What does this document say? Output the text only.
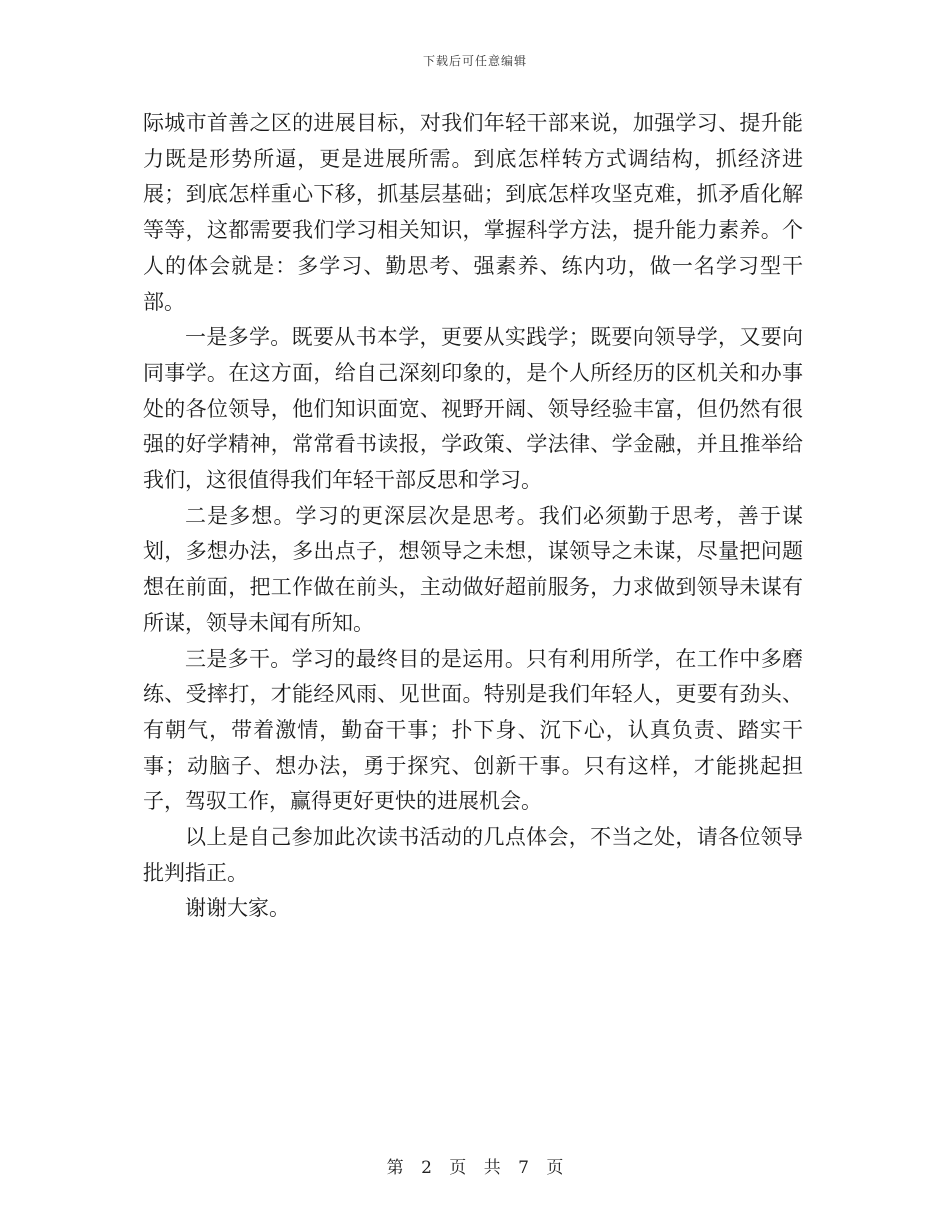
下载后可任意编辑

际城市首善之区的进展目标，对我们年轻干部来说，加强学习、提升能力既是形势所逼，更是进展所需。到底怎样转方式调结构，抓经济进展；到底怎样重心下移，抓基层基础；到底怎样攻坚克难，抓矛盾化解等等，这都需要我们学习相关知识，掌握科学方法，提升能力素养。个人的体会就是：多学习、勤思考、强素养、练内功，做一名学习型干部。

一是多学。既要从书本学，更要从实践学；既要向领导学，又要向同事学。在这方面，给自己深刻印象的，是个人所经历的区机关和办事处的各位领导，他们知识面宽、视野开阔、领导经验丰富，但仍然有很强的好学精神，常常看书读报，学政策、学法律、学金融，并且推举给我们，这很值得我们年轻干部反思和学习。

二是多想。学习的更深层次是思考。我们必须勤于思考，善于谋划，多想办法，多出点子，想领导之未想，谋领导之未谋，尽量把问题想在前面，把工作做在前头，主动做好超前服务，力求做到领导未谋有所谋，领导未闻有所知。

三是多干。学习的最终目的是运用。只有利用所学，在工作中多磨练、受摔打，才能经风雨、见世面。特别是我们年轻人，更要有劲头、有朝气，带着激情，勤奋干事；扑下身、沉下心，认真负责、踏实干事；动脑子、想办法，勇于探究、创新干事。只有这样，才能挑起担子，驾驭工作，赢得更好更快的进展机会。

以上是自己参加此次读书活动的几点体会，不当之处，请各位领导批判指正。

谢谢大家。

第 2 页 共 7 页
